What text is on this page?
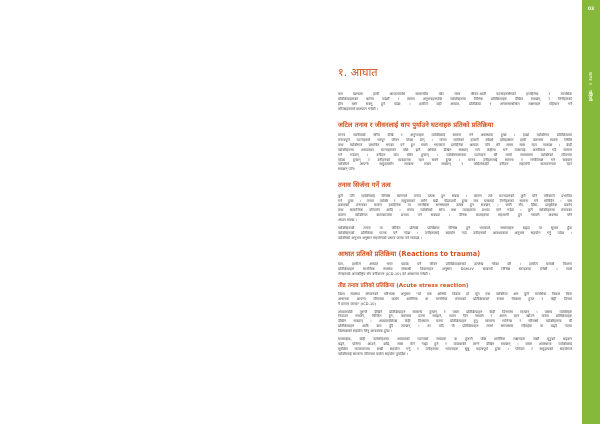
१. आघात
यस खण्डमा हामी आघातमाथि सामान्यीय कोर चरम जीवन-धाती घटनाहरुसँगको हराहिनेक र मानसिक
प्रतिक्रियाहरुको बारेमा पर्दछौं । त्यस्ता अनुभवहरुपछि व्यक्तिहरुमा विभिन्न प्रतिक्रियाहरु देखिन सक्छन् र तिनीहरुको
हेरेर बस्न सक्नु हुने पर्दछ । हामीले यहाँ आघात, प्रतिक्रिया र अन्तरसम्बन्धित लक्षणहरु पहिचान गर्ने
तरिकाहरुबारे छलफल गर्नेछौं ।
जटिल तनाव र जीवनलाई धाप पुर्याउने घटनाहरु प्रतिको प्रतिक्रिया
मानव जातीयको चोरैत देखि र अनुभवहरु व्यक्तिलाई सामना गर्ने अवस्थामा हुन्छ । हाम्रो व्यक्तिगत प्रतिक्रियामा
तनावपूर्ण घटनाहरुले भरपूर जीवन परेका छन् । मानव जातिको हजारौं वर्षको इतिहासमा हामी बारम्बार त्यस्तो स्थिति
तथा व्यक्तिगत प्रभावित भएका पर्ने हुन सक्ने भएकाले हराहिनेक आघात पनि धेरै समय सम्म रहन सक्दछ । केही
व्यक्तिहरुमा आघातका घटनाहरुको पछि झनै अधिक देखिन सक्छन् भने केहीमा भने त्यसलाई अस्वीकार गर्दै सामना
गर्ने गर्दछन् । उनीहरु कम बेचैन हुन्छन् । व्यक्तिगतरुपमा घटनाहरु धेरै लामो समयसम्म व्यक्तिको जीवनमा
रहेका हुन्छन् र उनीहरुको व्यवहारमा रहन सक्ने हुन्छ । मानव उनीहरुलाई सामना र मनोविमर्श गर्न सक्छन्
व्यक्तिले आफ्नो समुदायसँग सम्बन्ध राख्न सक्छन् र कहिलेकाहीँ उनीहरु सहयोगी वातावरणमा रहन
सक्छन् पनि।
तनाव सिर्जना गर्ने तत्व
कुनै पनि व्यक्तिलाई विभिन्न कारणले तनाव उत्पन्न हुन सक्छ । कारण त्यो घटनाहरुको कुनै पनि तरिकाले प्रभावित
गर्ने हुन्छ । तनाव व्यक्ति र समुदायको लागि बढी पीडादायी हुन्छ जब यसलाई तिनीहरुको सामना गर्न सकिँदैन । यस
प्रकारको तनावका कारण हराहिनेक वा मानसिक समस्याहरु उत्पन्न हुन सक्छन् । जस्तै रोग, हिंसा, प्राकृतिक प्रकोप
तथा सामाजिक परिवर्तन आदि । तनाव व्यक्तिको सोच तथा व्यवहारमा प्रभाव पार्ने गर्दछ । कुनै व्यक्तिहरुमा तनावका
कारण व्यक्तिगत कामकाजमा प्रभाव पर्न सक्दछ । दैनिक कामहरुमा सहभागी हुन नसक्ने अवस्था पनि
आउन सक्छ ।
व्यक्तिहरुको तनाव वा जीवित प्रतिको प्रतिक्रिया विभिन्न हुने भएकाले, समस्याहरु बढ्दा वा सुधार हुँदा
व्यक्तिहरुको प्रतिक्रिया फरक पर्ने गर्दछ । उनीहरुलाई सहयोग गर्दा उनीहरुको आवश्यकता अनुसार सहयोग गर्नु पर्दछ ।
व्यक्तिको अनुभव अनुसार सहयोगको प्रभाव फरक पर्न सक्दछ ।
आघात प्रतिको प्रतिक्रिया (Reactions to trauma)
यस, हामीले आघात भएर पछाड पर्ने जीवन प्रतिक्रियाहरुको उल्लेख गरेका छौं । हामीले यसको विवरण
प्रतिक्रियाहरु मानसिक स्वास्थ्य सम्बन्धी विवरणहरु अनुसार DSM-IV सम्बन्धी विभिन्न स्तरहरुमा हेर्नेछौं । साथै
रोगहरुको अन्तर्राष्ट्रिय रोग वर्गीकरण (ICD-10) को आधारमा गर्नेछौं ।
तीव्र तनाव प्रतिको प्रतिक्रिया (Acute stress reaction)
विश्व स्वास्थ्य संगठनको परिभाषा अनुसार "यो एक अस्थिर विकार हो जुन एक व्यक्तिमा अरु कुनै मानसिक विकार बिना
अचानक आफ्नो जीवनमा कठोर शारीरिक वा मानसिक तनावको प्रतिक्रियाको रुपमा विकास हुन्छ र केही दिनमा
नै हराएर जान्छ" (ICD-10)
आघातपछि तुरुन्तै देखिने प्रतिक्रियाहरु सामान्य हुन्छन् र यस्ता प्रतिक्रियाहरु केही दिनसम्म रहन्छन् । यसमा व्यक्तिहरु
निदाउन नसक्ने, चिन्तित हुने, बारम्बार घटना सम्झने, ध्यान दिन नसक्ने र अलग रहन खोज्ने जस्ता प्रतिक्रियाहरु
देखिन सक्छन् । आघातपछिका केही दिनसम्म यस्ता प्रतिक्रियाहरु हुनु सामान्य मानिन्छ र धेरैजसो व्यक्तिहरुमा यी
प्रतिक्रियाहरु आफैं कम हुँदै जान्छन् । तर यदि यी प्रतिक्रियाहरु लामो समयसम्म रहिरहेमा वा बढ्दै गएमा
विशेषज्ञको सहयोग लिनु आवश्यक हुन्छ ।
यसबाहेक, केही व्यक्तिहरुमा आघातको घटनाको समयमा वा तुरुन्तै पछि शारीरिक लक्षणहरु जस्तै मुटुको धड्कन
बढ्ने, पसिना आउने, काँप्ने, सास फेर्न गाह्रो हुने र वाकवाकी लाग्ने देखिन सक्छन् । यस्ता अवस्थामा व्यक्तिलाई
सुरक्षित वातावरणमा राखी सहयोग गर्नु र उनीहरुका भावनाहरु सुन्नु महत्वपूर्ण हुन्छ । परिवार र समुदायको सहयोगले
व्यक्तिलाई सामान्य जीवनमा फर्कन सहयोग पुर्याउँछ ।
03
खण्ड १   पहिलो
